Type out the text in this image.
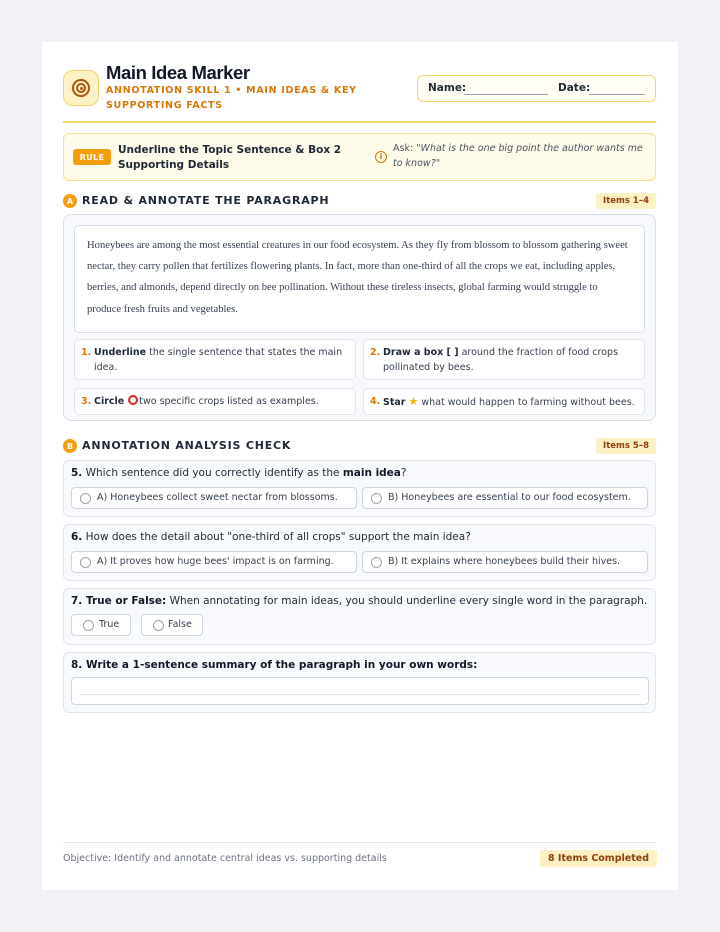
Main Idea Marker
ANNOTATION SKILL 1 • MAIN IDEAS & KEY SUPPORTING FACTS
Name:	Date:
RULE
Underline the Topic Sentence & Box 2 Supporting Details
i
Ask: "What is the one big point the author wants me to know?"
A READ & ANNOTATE THE PARAGRAPH	Items 1–4
Honeybees are among the most essential creatures in our food ecosystem. As they fly from blossom to blossom gathering sweet nectar, they carry pollen that fertilizes flowering plants. In fact, more than one-third of all the crops we eat, including apples, berries, and almonds, depend directly on bee pollination. Without these tireless insects, global farming would struggle to produce fresh fruits and vegetables.
1. Underline the single sentence that states the main idea.
2. Draw a box [ ] around the fraction of food crops pollinated by bees.
3. Circle two specific crops listed as examples.	4. Star ★ what would happen to farming without bees.
B ANNOTATION ANALYSIS CHECK	Items 5–8
5. Which sentence did you correctly identify as the main idea?
A) Honeybees collect sweet nectar from blossoms.	B) Honeybees are essential to our food ecosystem.
6. How does the detail about "one-third of all crops" support the main idea?
A) It proves how huge bees' impact is on farming.	B) It explains where honeybees build their hives.
7. True or False: When annotating for main ideas, you should underline every single word in the paragraph.
True	False
8. Write a 1-sentence summary of the paragraph in your own words:
Objective: Identify and annotate central ideas vs. supporting details	8 Items Completed
